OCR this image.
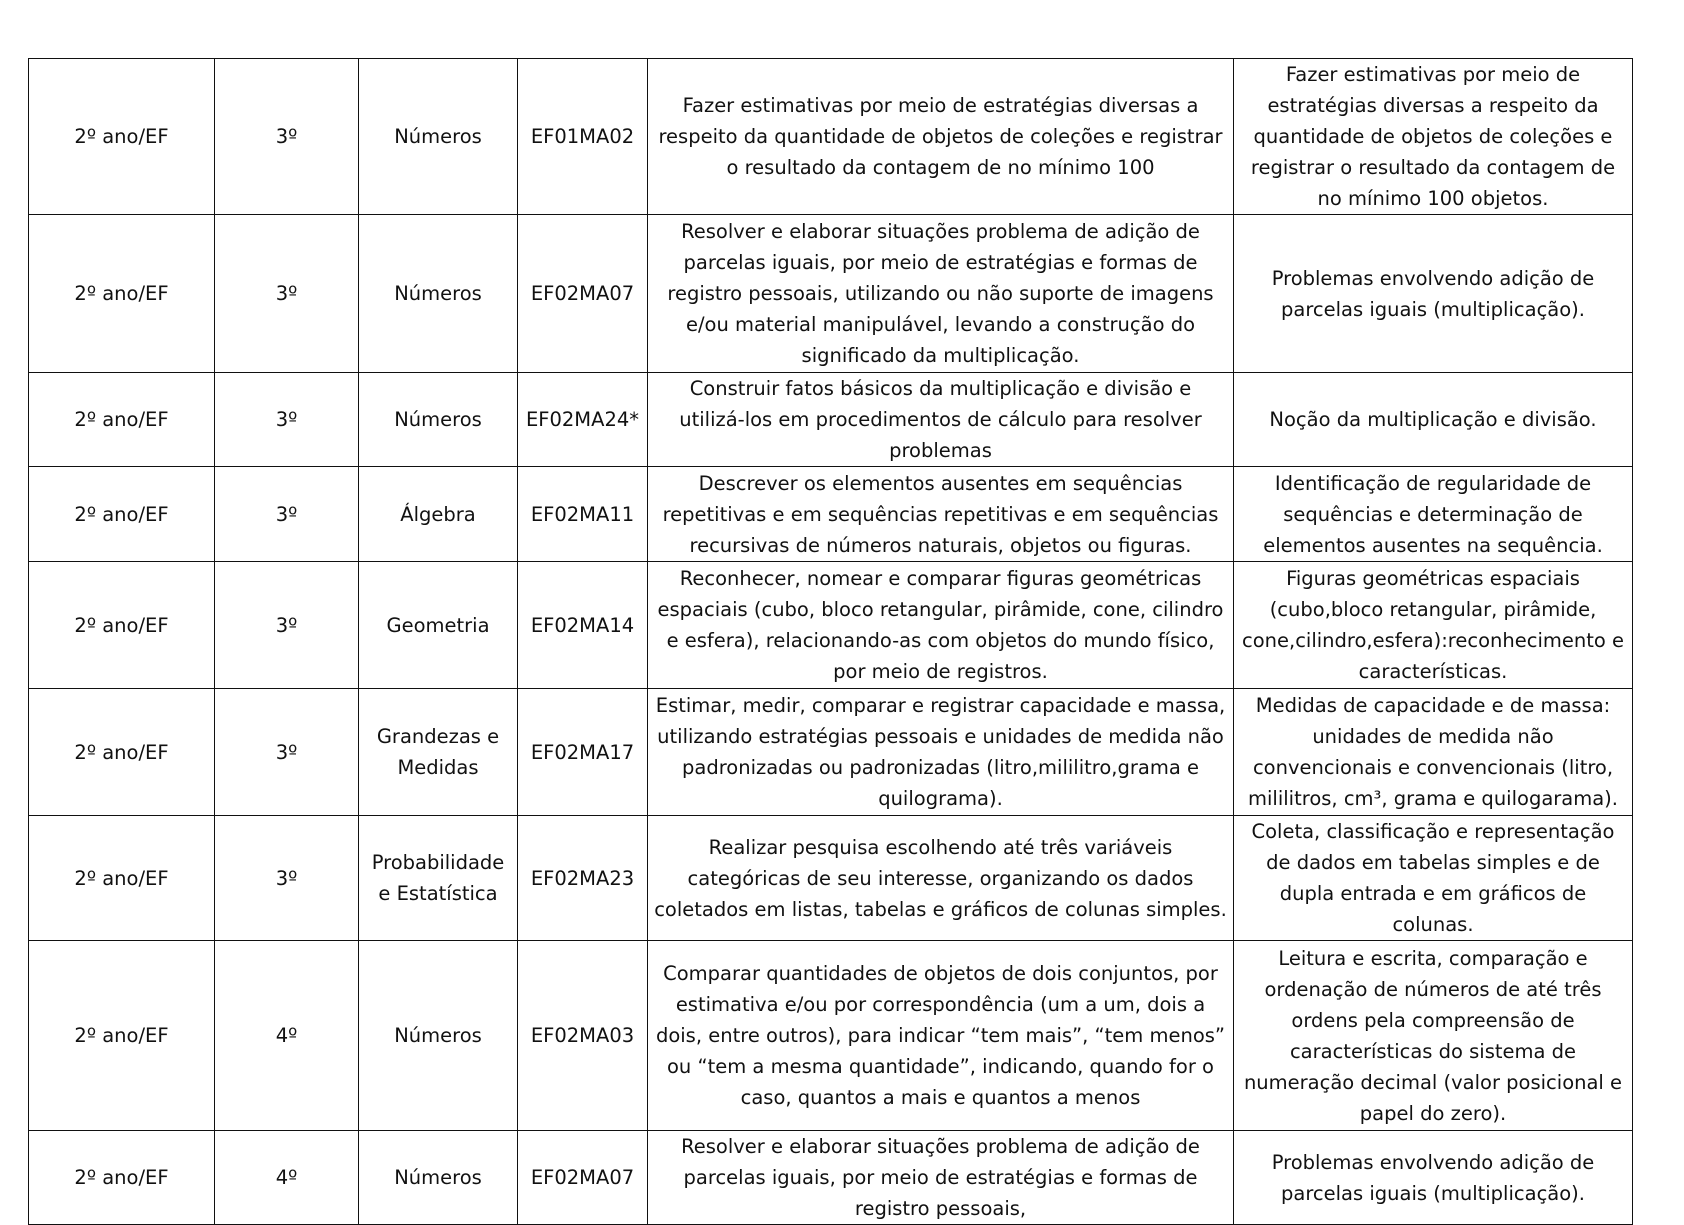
2º ano/EF	3º	Números	EF01MA02	Fazer estimativas por meio de estratégias diversas a respeito da quantidade de objetos de coleções e registrar o resultado da contagem de no mínimo 100	Fazer estimativas por meio de estratégias diversas a respeito da quantidade de objetos de coleções e registrar o resultado da contagem de no mínimo 100 objetos.
2º ano/EF	3º	Números	EF02MA07	Resolver e elaborar situações problema de adição de parcelas iguais, por meio de estratégias e formas de registro pessoais, utilizando ou não suporte de imagens e/ou material manipulável, levando a construção do significado da multiplicação.	Problemas envolvendo adição de parcelas iguais (multiplicação).
2º ano/EF	3º	Números	EF02MA24*	Construir fatos básicos da multiplicação e divisão e utilizá-los em procedimentos de cálculo para resolver problemas	Noção da multiplicação e divisão.
2º ano/EF	3º	Álgebra	EF02MA11	Descrever os elementos ausentes em sequências repetitivas e em sequências repetitivas e em sequências recursivas de números naturais, objetos ou figuras.	Identificação de regularidade de sequências e determinação de elementos ausentes na sequência.
2º ano/EF	3º	Geometria	EF02MA14	Reconhecer, nomear e comparar figuras geométricas espaciais (cubo, bloco retangular, pirâmide, cone, cilindro e esfera), relacionando-as com objetos do mundo físico, por meio de registros.	Figuras geométricas espaciais (cubo,bloco retangular, pirâmide, cone,cilindro,esfera):reconhecimento e características.
2º ano/EF	3º	Grandezas e Medidas	EF02MA17	Estimar, medir, comparar e registrar capacidade e massa, utilizando estratégias pessoais e unidades de medida não padronizadas ou padronizadas (litro,mililitro,grama e quilograma).	Medidas de capacidade e de massa: unidades de medida não convencionais e convencionais (litro, mililitros, cm³, grama e quilogarama).
2º ano/EF	3º	Probabilidade e Estatística	EF02MA23	Realizar pesquisa escolhendo até três variáveis categóricas de seu interesse, organizando os dados coletados em listas, tabelas e gráficos de colunas simples.	Coleta, classificação e representação de dados em tabelas simples e de dupla entrada e em gráficos de colunas.
2º ano/EF	4º	Números	EF02MA03	Comparar quantidades de objetos de dois conjuntos, por estimativa e/ou por correspondência (um a um, dois a dois, entre outros), para indicar “tem mais”, “tem menos” ou “tem a mesma quantidade”, indicando, quando for o caso, quantos a mais e quantos a menos	Leitura e escrita, comparação e ordenação de números de até três ordens pela compreensão de características do sistema de numeração decimal (valor posicional e papel do zero).
2º ano/EF	4º	Números	EF02MA07	Resolver e elaborar situações problema de adição de parcelas iguais, por meio de estratégias e formas de registro pessoais,	Problemas envolvendo adição de parcelas iguais (multiplicação).
